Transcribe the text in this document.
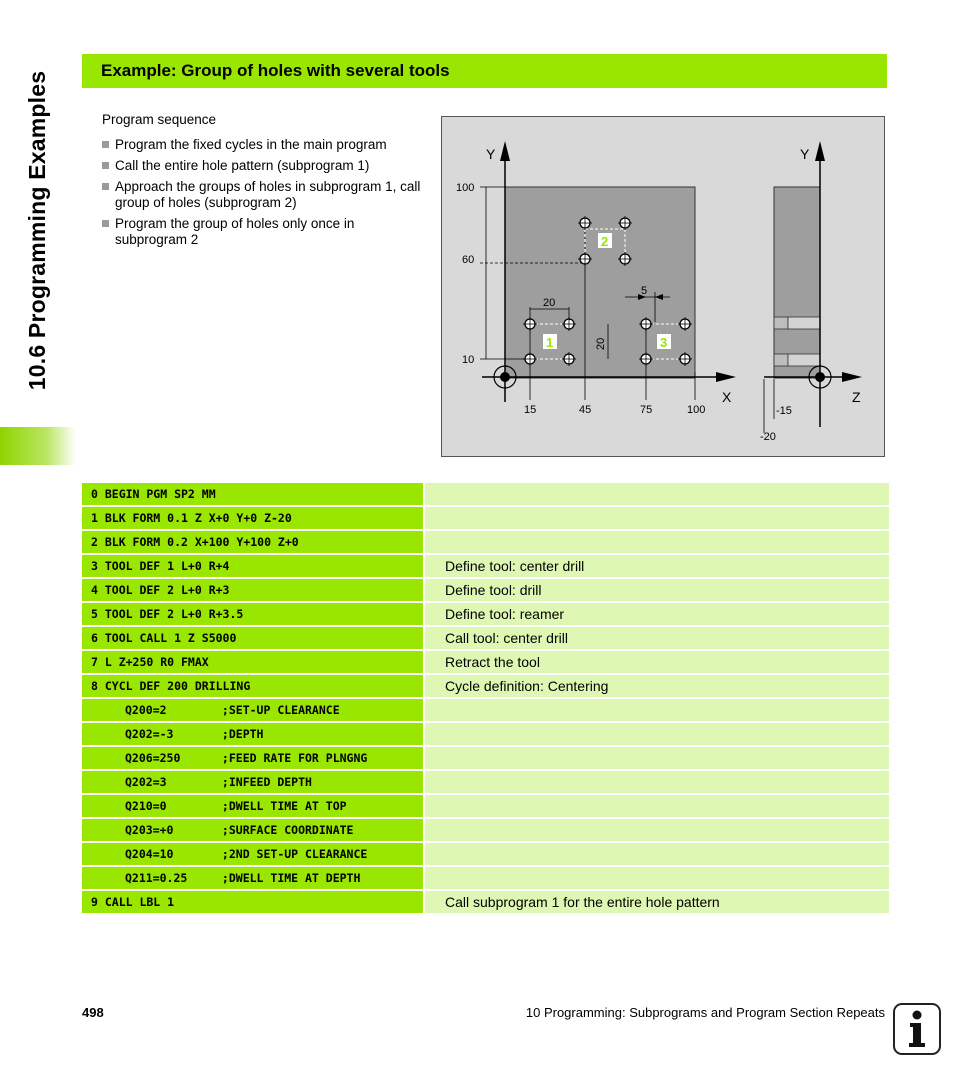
10.6 Programming Examples	Example: Group of holes with several tools
Program sequence
Program the fixed cycles in the main program
Call the entire hole pattern (subprogram 1)
Approach the groups of holes in subprogram 1, call group of holes (subprogram 2)
Program the group of holes only once in subprogram 2
Y
X
Y
Z
100
60
10
15	45	75	100	-15
-20
20
20
5
2
1	3
0 BEGIN PGM SP2 MM
1 BLK FORM 0.1 Z X+0 Y+0 Z-20
2 BLK FORM 0.2 X+100 Y+100 Z+0
3 TOOL DEF 1 L+0 R+4	Define tool: center drill
4 TOOL DEF 2 L+0 R+3	Define tool: drill
5 TOOL DEF 2 L+0 R+3.5	Define tool: reamer
6 TOOL CALL 1 Z S5000	Call tool: center drill
7 L Z+250 R0 FMAX	Retract the tool
8 CYCL DEF 200 DRILLING	Cycle definition: Centering
Q200=2        ;SET-UP CLEARANCE
Q202=-3       ;DEPTH
Q206=250      ;FEED RATE FOR PLNGNG
Q202=3        ;INFEED DEPTH
Q210=0        ;DWELL TIME AT TOP
Q203=+0       ;SURFACE COORDINATE
Q204=10       ;2ND SET-UP CLEARANCE
Q211=0.25     ;DWELL TIME AT DEPTH
9 CALL LBL 1	Call subprogram 1 for the entire hole pattern
498	10 Programming: Subprograms and Program Section Repeats
